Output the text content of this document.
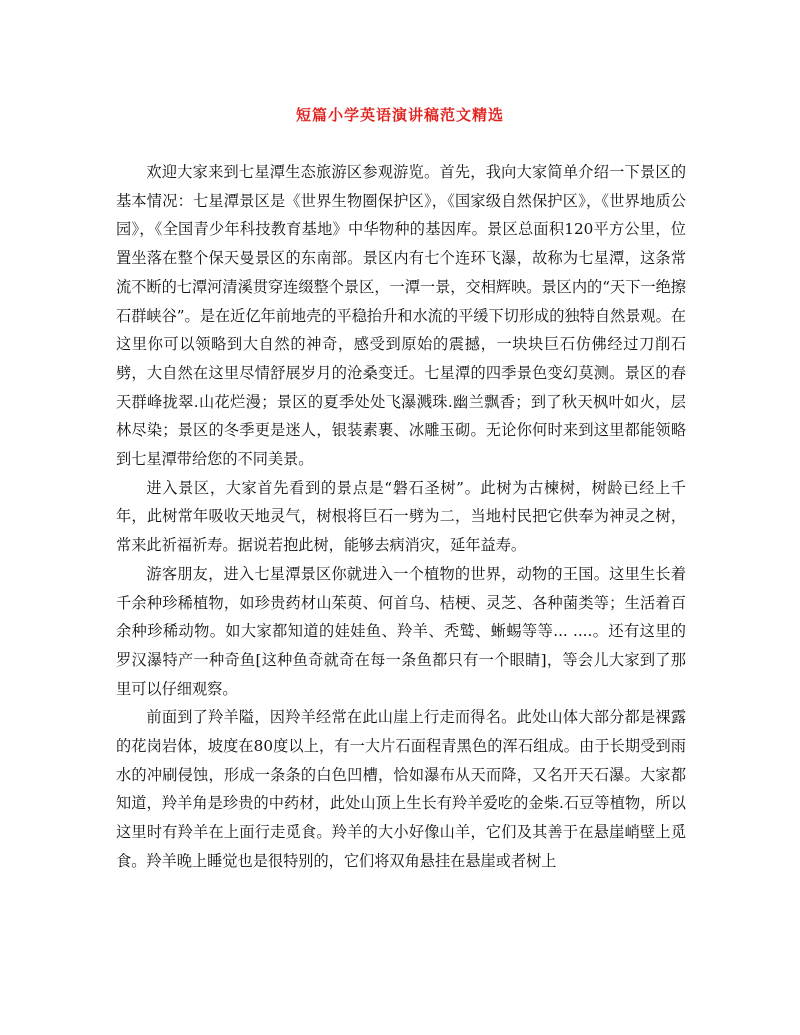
短篇小学英语演讲稿范文精选

欢迎大家来到七星潭生态旅游区参观游览。首先，我向大家简单介绍一下景区的基本情况：七星潭景区是《世界生物圈保护区》，《国家级自然保护区》，《世界地质公园》，《全国青少年科技教育基地》中华物种的基因库。景区总面积120平方公里，位置坐落在整个保天曼景区的东南部。景区内有七个连环飞瀑，故称为七星潭，这条常流不断的七潭河清溪贯穿连缀整个景区，一潭一景，交相辉映。景区内的“天下一绝擦石群峡谷”。是在近亿年前地壳的平稳抬升和水流的平缓下切形成的独特自然景观。在这里你可以领略到大自然的神奇，感受到原始的震撼，一块块巨石仿佛经过刀削石劈，大自然在这里尽情舒展岁月的沧桑变迁。七星潭的四季景色变幻莫测。景区的春天群峰拢翠.山花烂漫；景区的夏季处处飞瀑溅珠.幽兰飘香；到了秋天枫叶如火，层林尽染；景区的冬季更是迷人，银装素裹、冰雕玉砌。无论你何时来到这里都能领略到七星潭带给您的不同美景。

进入景区，大家首先看到的景点是“磐石圣树”。此树为古楝树，树龄已经上千年，此树常年吸收天地灵气，树根将巨石一劈为二，当地村民把它供奉为神灵之树，常来此祈福祈寿。据说若抱此树，能够去病消灾，延年益寿。

游客朋友，进入七星潭景区你就进入一个植物的世界，动物的王国。这里生长着千余种珍稀植物，如珍贵药材山茱萸、何首乌、桔梗、灵芝、各种菌类等；生活着百余种珍稀动物。如大家都知道的娃娃鱼、羚羊、秃鹫、蜥蜴等等... ....。还有这里的罗汉瀑特产一种奇鱼[这种鱼奇就奇在每一条鱼都只有一个眼睛]，等会儿大家到了那里可以仔细观察。

前面到了羚羊隘，因羚羊经常在此山崖上行走而得名。此处山体大部分都是裸露的花岗岩体，坡度在80度以上，有一大片石面程青黑色的浑石组成。由于长期受到雨水的冲刷侵蚀，形成一条条的白色凹槽，恰如瀑布从天而降，又名开天石瀑。大家都知道，羚羊角是珍贵的中药材，此处山顶上生长有羚羊爱吃的金柴.石豆等植物，所以这里时有羚羊在上面行走觅食。羚羊的大小好像山羊，它们及其善于在悬崖峭壁上觅食。羚羊晚上睡觉也是很特别的，它们将双角悬挂在悬崖或者树上
